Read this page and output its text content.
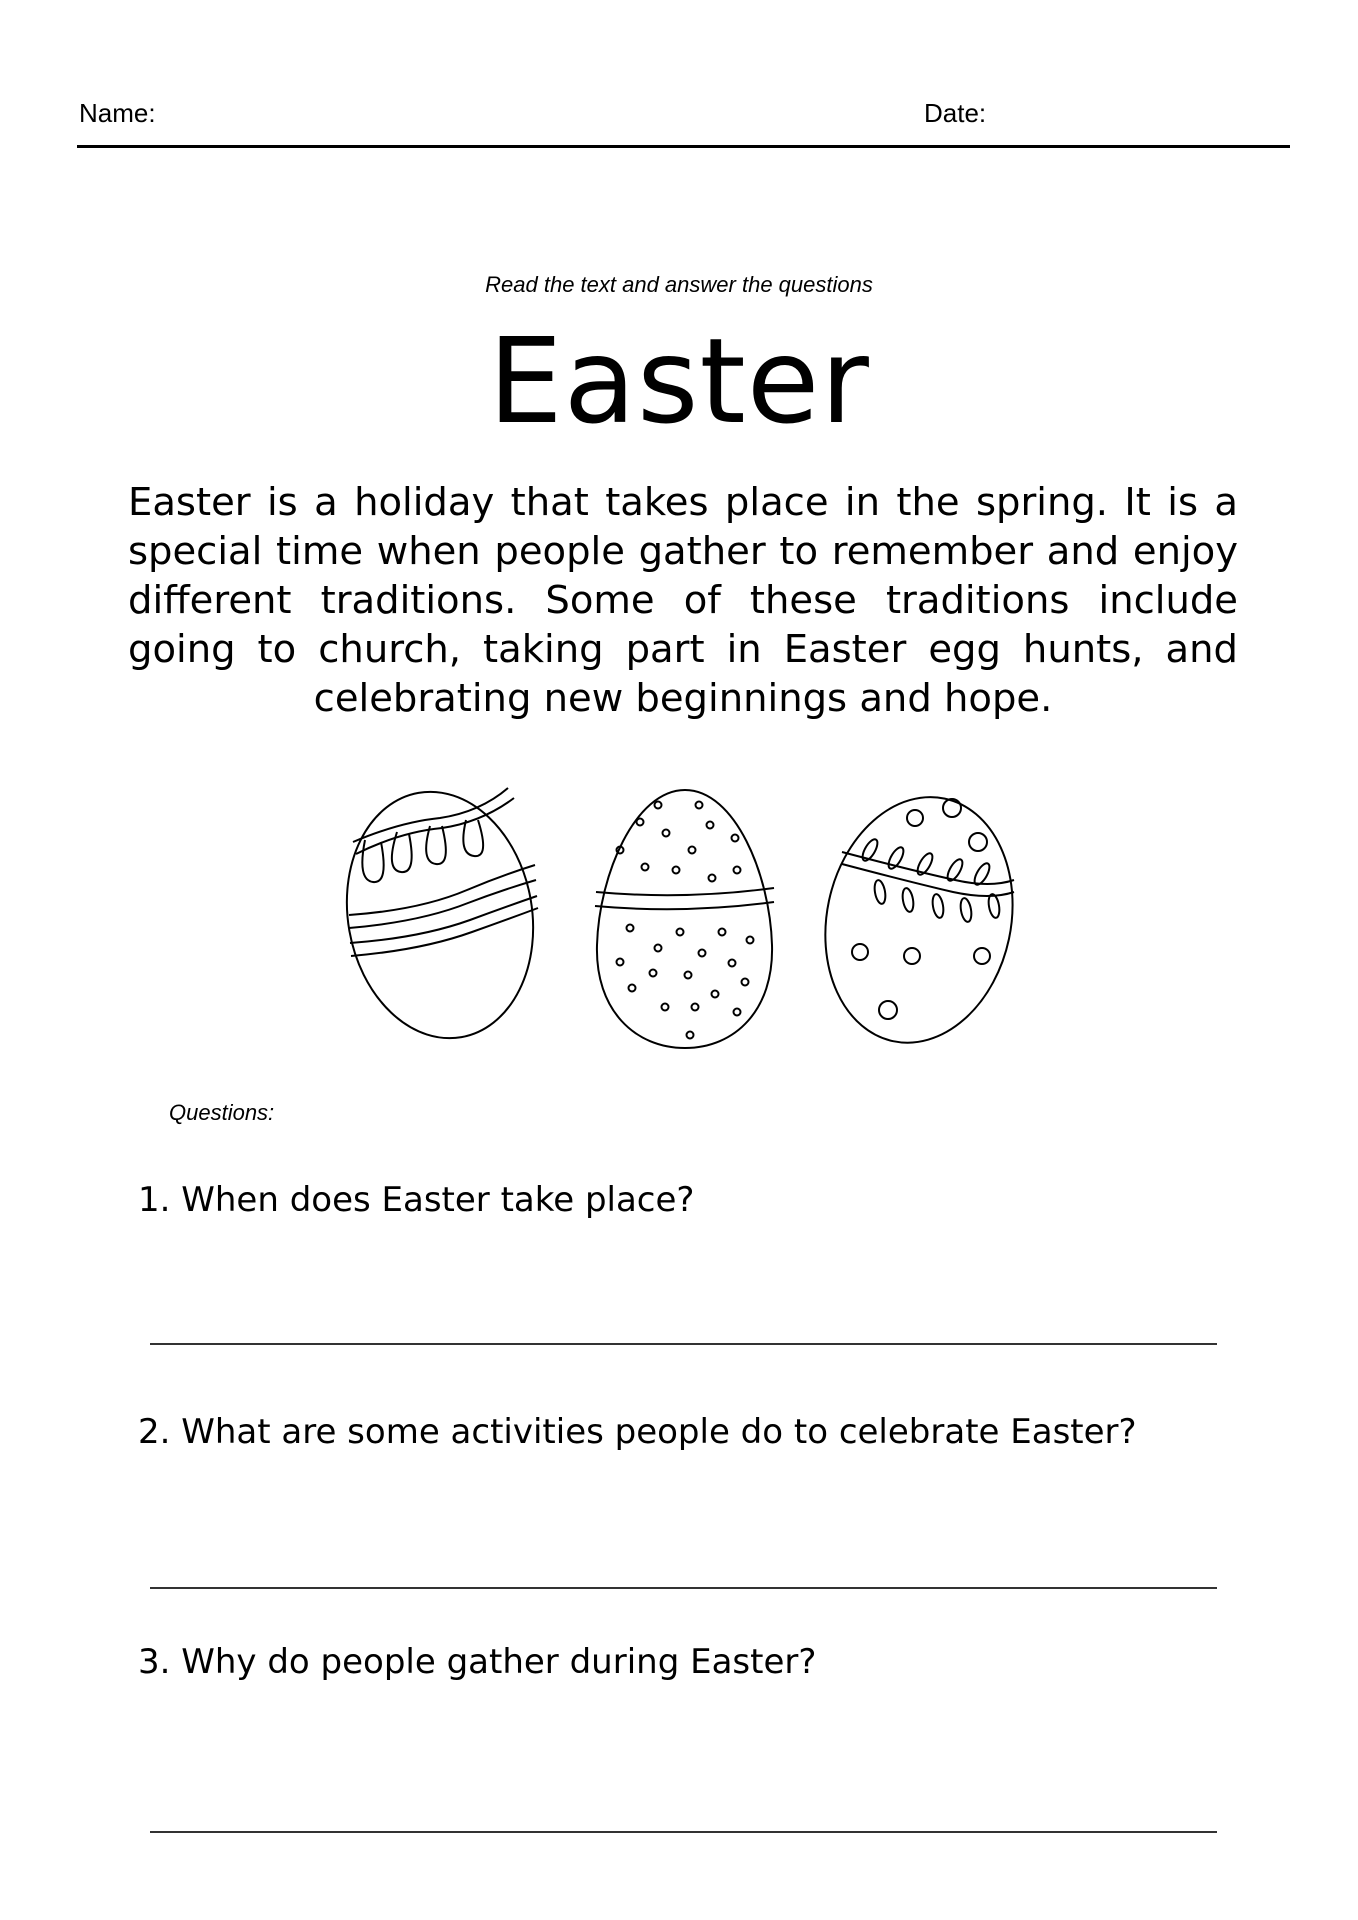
Name:	Date:
Read the text and answer the questions
Easter
Easter is a holiday that takes place in the spring. It is a special time when people gather to remember and enjoy different traditions. Some of these traditions include going to church, taking part in Easter egg hunts, and celebrating new beginnings and hope.
Questions:
1. When does Easter take place?
2. What are some activities people do to celebrate Easter?
3. Why do people gather during Easter?
